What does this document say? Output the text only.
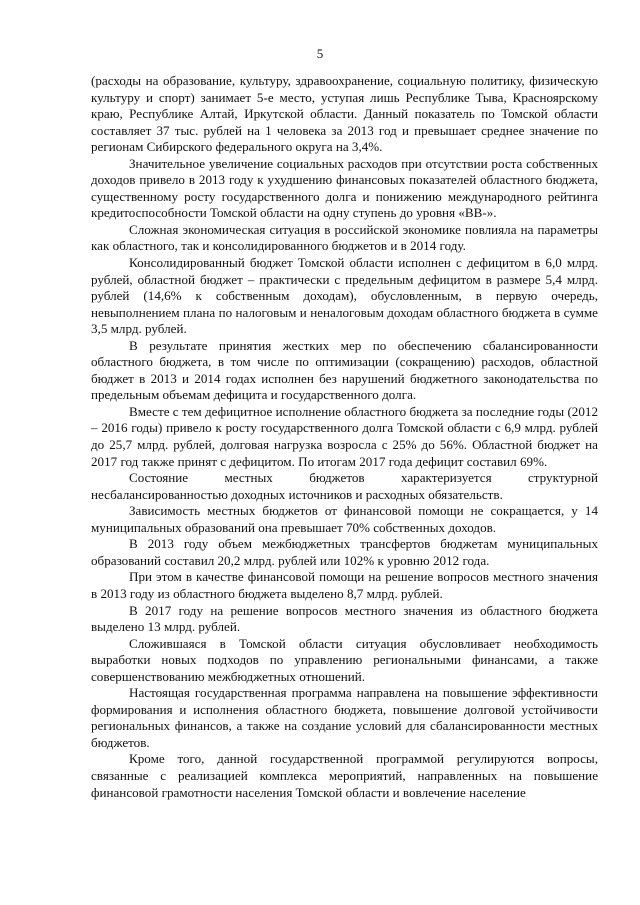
5

(расходы на образование, культуру, здравоохранение, социальную политику, физическую культуру и спорт) занимает 5-е место, уступая лишь Республике Тыва, Красноярскому краю, Республике Алтай, Иркутской области. Данный показатель по Томской области составляет 37 тыс. рублей на 1 человека за 2013 год и превышает среднее значение по регионам Сибирского федерального округа на 3,4%.

Значительное увеличение социальных расходов при отсутствии роста собственных доходов привело в 2013 году к ухудшению финансовых показателей областного бюджета, существенному росту государственного долга и понижению международного рейтинга кредитоспособности Томской области на одну ступень до уровня «ВВ-».

Сложная экономическая ситуация в российской экономике повлияла на параметры как областного, так и консолидированного бюджетов и в 2014 году.

Консолидированный бюджет Томской области исполнен с дефицитом в 6,0 млрд. рублей, областной бюджет – практически с предельным дефицитом в размере 5,4 млрд. рублей (14,6% к собственным доходам), обусловленным, в первую очередь, невыполнением плана по налоговым и неналоговым доходам областного бюджета в сумме 3,5 млрд. рублей.

В результате принятия жестких мер по обеспечению сбалансированности областного бюджета, в том числе по оптимизации (сокращению) расходов, областной бюджет в 2013 и 2014 годах исполнен без нарушений бюджетного законодательства по предельным объемам дефицита и государственного долга.

Вместе с тем дефицитное исполнение областного бюджета за последние годы (2012 – 2016 годы) привело к росту государственного долга Томской области с 6,9 млрд. рублей до 25,7 млрд. рублей, долговая нагрузка возросла с 25% до 56%. Областной бюджет на 2017 год также принят с дефицитом. По итогам 2017 года дефицит составил 69%.

Состояние местных бюджетов характеризуется структурной несбалансированностью доходных источников и расходных обязательств.

Зависимость местных бюджетов от финансовой помощи не сокращается, у 14 муниципальных образований она превышает 70% собственных доходов.

В 2013 году объем межбюджетных трансфертов бюджетам муниципальных образований составил 20,2 млрд. рублей или 102% к уровню 2012 года.

При этом в качестве финансовой помощи на решение вопросов местного значения в 2013 году из областного бюджета выделено 8,7 млрд. рублей.

В 2017 году на решение вопросов местного значения из областного бюджета выделено 13 млрд. рублей.

Сложившаяся в Томской области ситуация обусловливает необходимость выработки новых подходов по управлению региональными финансами, а также совершенствованию межбюджетных отношений.

Настоящая государственная программа направлена на повышение эффективности формирования и исполнения областного бюджета, повышение долговой устойчивости региональных финансов, а также на создание условий для сбалансированности местных бюджетов.

Кроме того, данной государственной программой регулируются вопросы, связанные с реализацией комплекса мероприятий, направленных на повышение финансовой грамотности населения Томской области и вовлечение население
